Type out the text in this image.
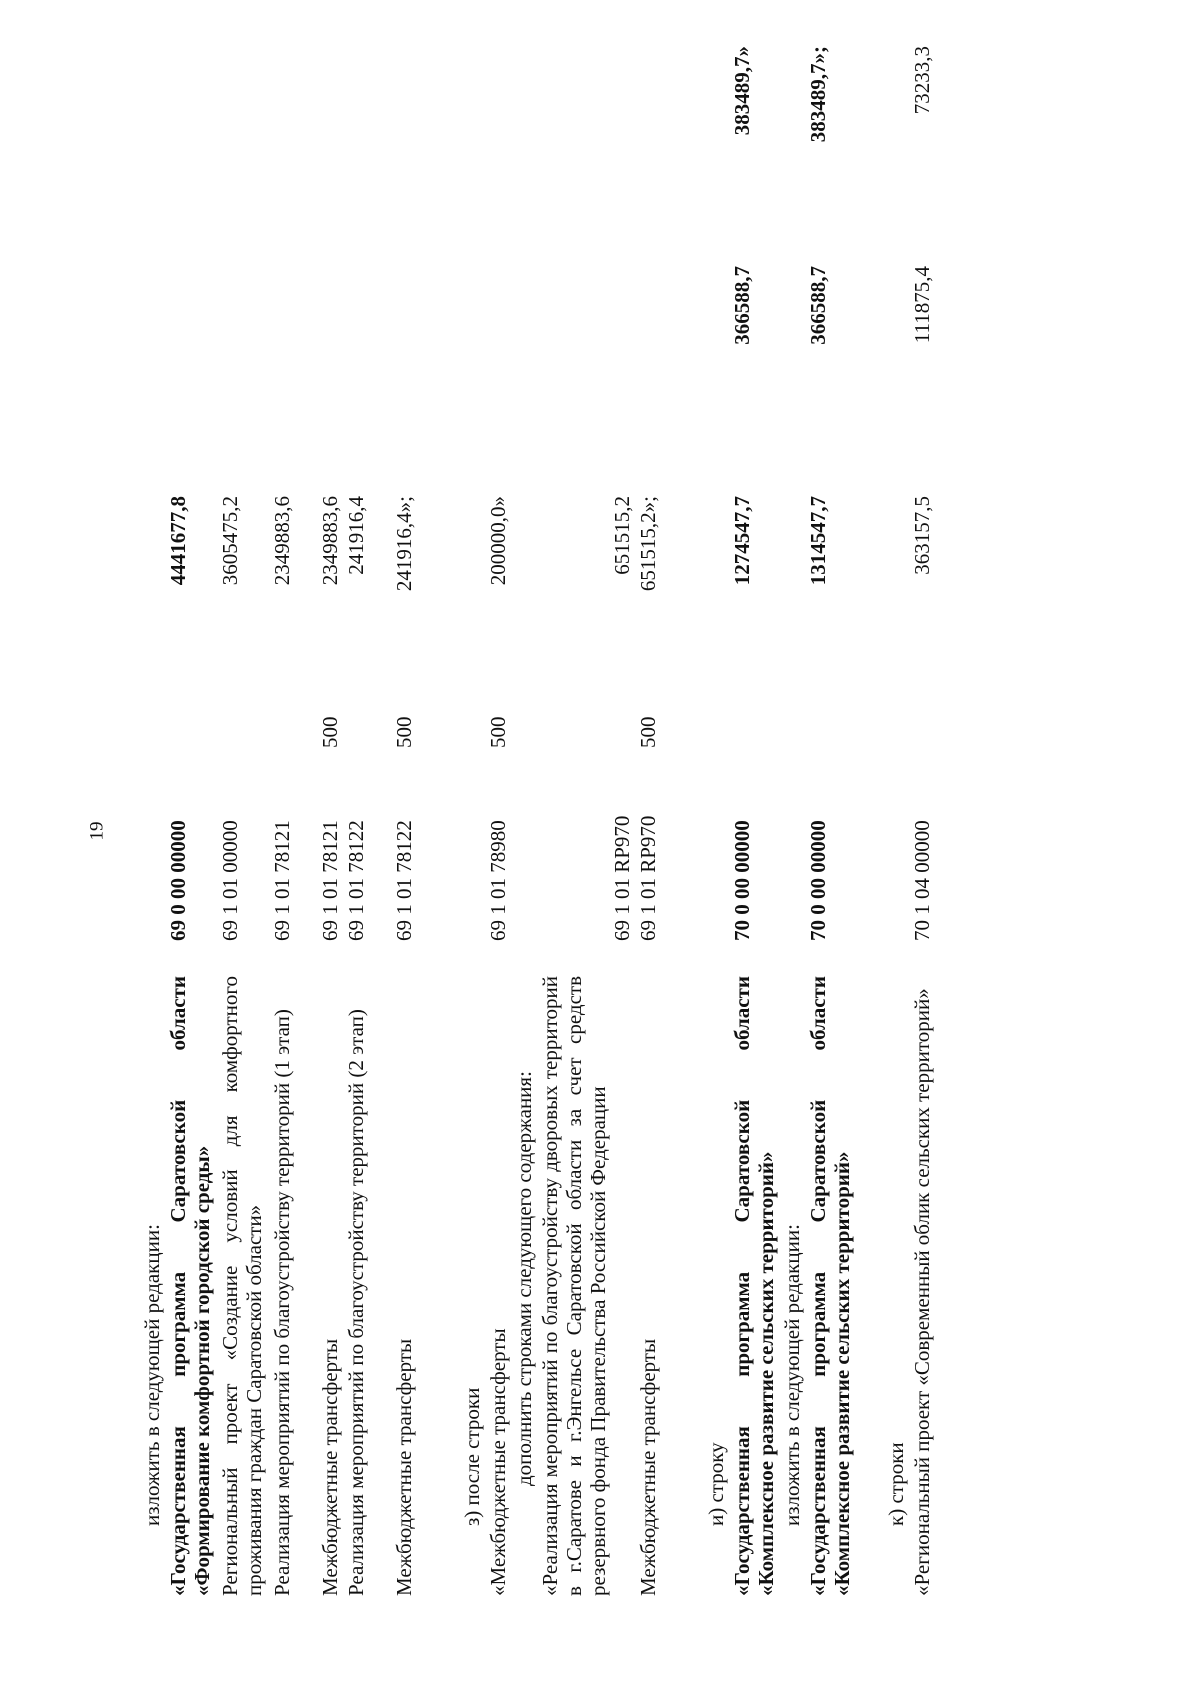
19
изложить в следующей редакции: «Государственная программа Саратовской области «Формирование комфортной городской среды»
69 0 00 00000
4441677,8
Региональный проект «Создание условий для комфортного проживания граждан Саратовской области»
69 1 01 00000
3605475,2
Реализация мероприятий по благоустройству территорий (1 этап)
69 1 01 78121
2349883,6
Межбюджетные трансферты
69 1 01 78121
500
2349883,6
Реализация мероприятий по благоустройству территорий (2 этап)
69 1 01 78122
241916,4
Межбюджетные трансферты
69 1 01 78122
500
241916,4»;
з) после строки «Межбюджетные трансферты
69 1 01 78980
500
200000,0»
дополнить строками следующего содержания: «Реализация мероприятий по благоустройству дворовых территорий в г.Саратове и г.Энгельсе Саратовской области за счет средств резервного фонда Правительства Российской Федерации
69 1 01 RP970
651515,2
Межбюджетные трансферты
69 1 01 RP970
500
651515,2»;
и) строку «Государственная программа Саратовской области «Комплексное развитие сельских территорий»
70 0 00 00000
1274547,7
366588,7
383489,7»
изложить в следующей редакции: «Государственная программа Саратовской области «Комплексное развитие сельских территорий»
70 0 00 00000
1314547,7
366588,7
383489,7»;
к) строки «Региональный проект «Современный облик сельских территорий»
70 1 04 00000
363157,5
111875,4
73233,3
